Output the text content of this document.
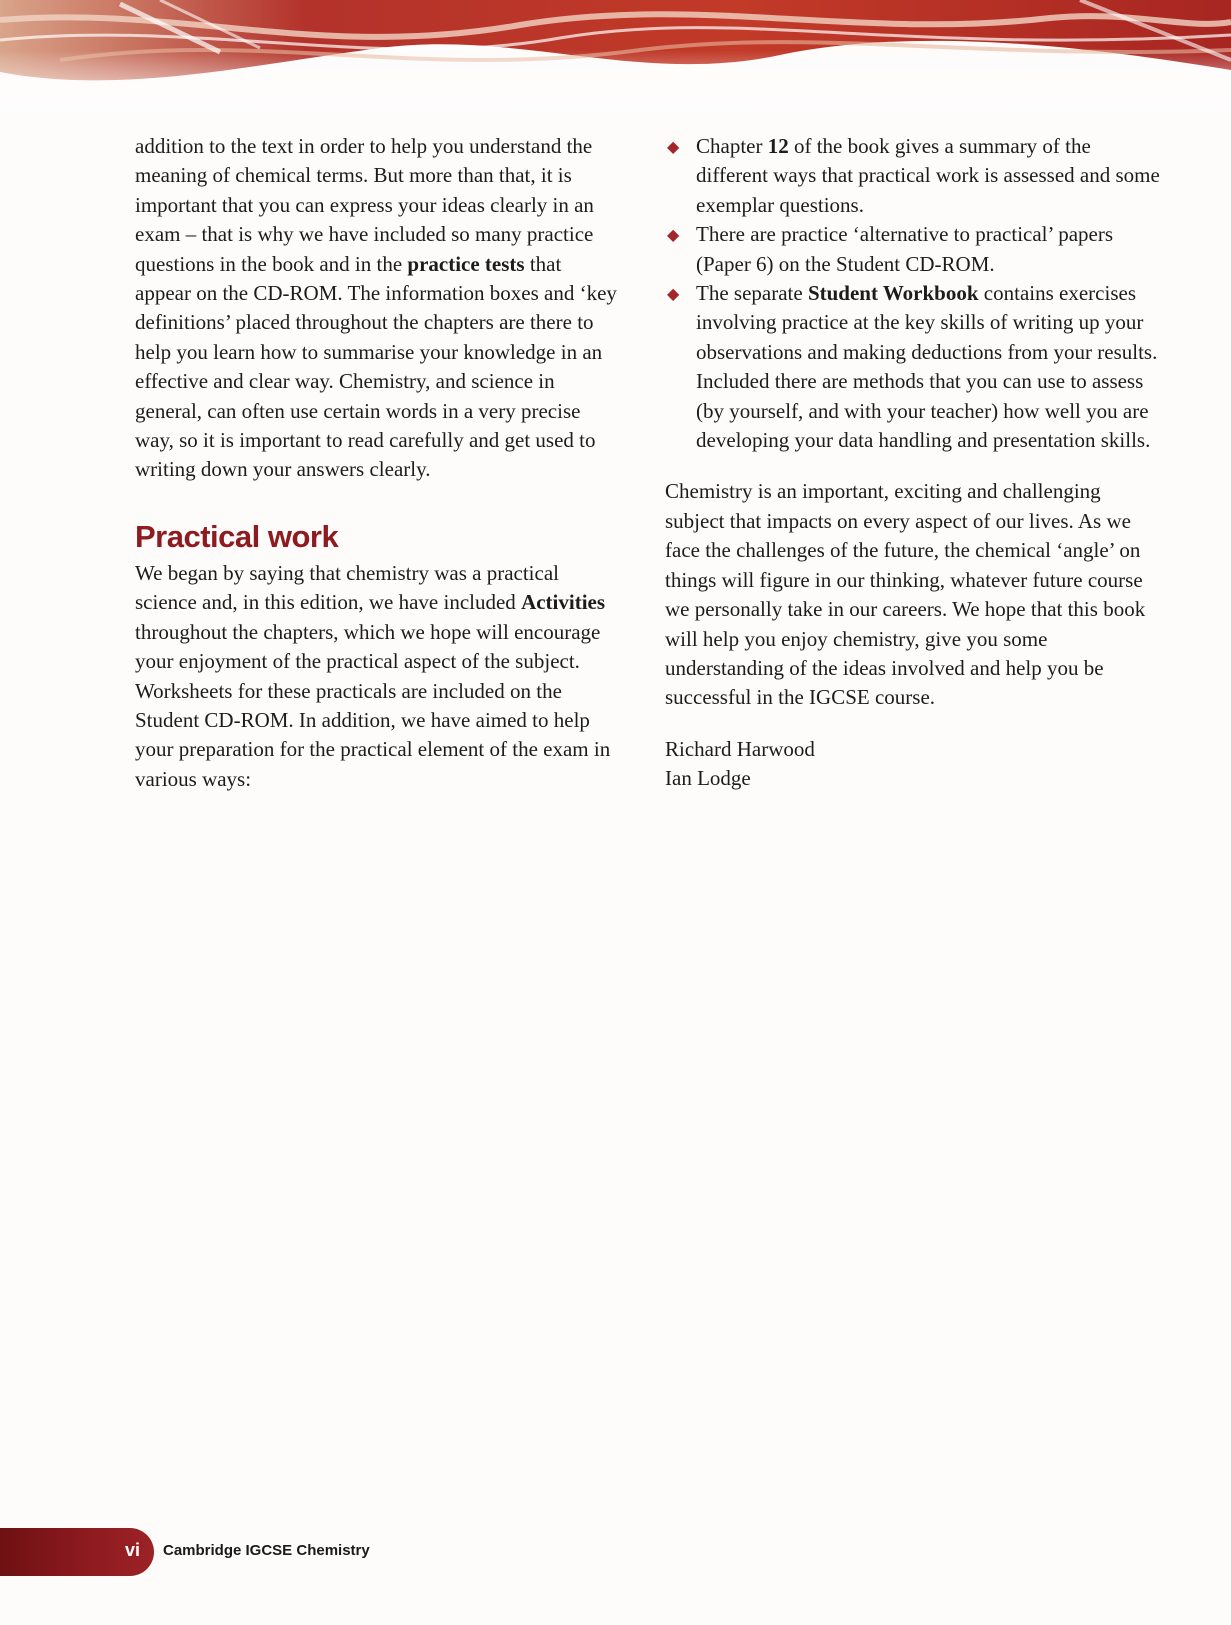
addition to the text in order to help you understand the meaning of chemical terms. But more than that, it is important that you can express your ideas clearly in an exam – that is why we have included so many practice questions in the book and in the practice tests that appear on the CD-ROM. The information boxes and ‘key definitions’ placed throughout the chapters are there to help you learn how to summarise your knowledge in an effective and clear way. Chemistry, and science in general, can often use certain words in a very precise way, so it is important to read carefully and get used to writing down your answers clearly.

Practical work

We began by saying that chemistry was a practical science and, in this edition, we have included Activities throughout the chapters, which we hope will encourage your enjoyment of the practical aspect of the subject. Worksheets for these practicals are included on the Student CD-ROM. In addition, we have aimed to help your preparation for the practical element of the exam in various ways:

◆ Chapter 12 of the book gives a summary of the different ways that practical work is assessed and some exemplar questions.
◆ There are practice ‘alternative to practical’ papers (Paper 6) on the Student CD-ROM.
◆ The separate Student Workbook contains exercises involving practice at the key skills of writing up your observations and making deductions from your results. Included there are methods that you can use to assess (by yourself, and with your teacher) how well you are developing your data handling and presentation skills.

Chemistry is an important, exciting and challenging subject that impacts on every aspect of our lives. As we face the challenges of the future, the chemical ‘angle’ on things will figure in our thinking, whatever future course we personally take in our careers. We hope that this book will help you enjoy chemistry, give you some understanding of the ideas involved and help you be successful in the IGCSE course.

Richard Harwood
Ian Lodge
vi Cambridge IGCSE Chemistry
